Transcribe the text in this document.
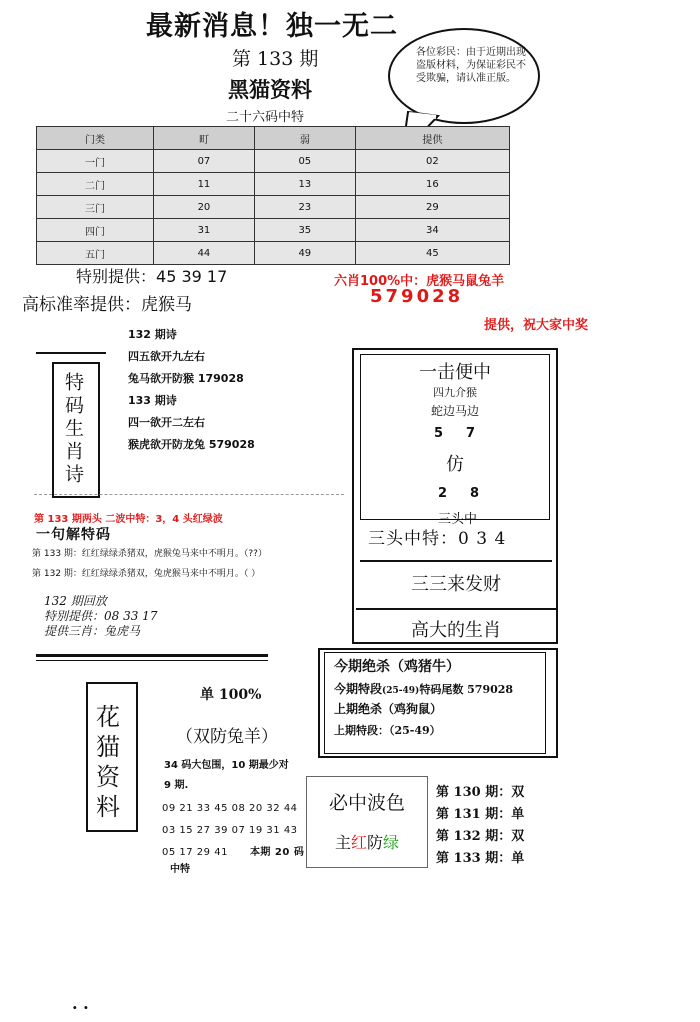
最新消息！独一无二
第 133 期
黑猫资料
二十六码中特
各位彩民：由于近期出现盗版材料，为保证彩民不受欺骗，请认准正版。
门类	町	弱	提供
一门	07	05	02
二门	11	13	16
三门	20	23	29
四门	31	35	34
五门	44	49	45
特别提供：45 39 17
高标准率提供：虎猴马
六肖100%中：虎猴马鼠兔羊
579028
提供，祝大家中奖
特码生肖诗
132 期诗
四五欲开九左右
兔马欲开防猴 179028
133 期诗
四一欲开二左右
猴虎欲开防龙兔 579028
一击便中
四九介猴
蛇边马边
5 7
仿
2 8
三头中
三头中特：0 3 4
三三来发财
高大的生肖
第 133 期两头 二波中特：3，4 头红绿波
一句解特码
第 133 期：红红绿绿杀猪双，虎猴兔马来中不明月。（??）
第 132 期：红红绿绿杀猪双，兔虎猴马来中不明月。（ ）
132 期回放
特别提供：08 33 17
提供三肖：兔虎马
今期绝杀（鸡猪牛）
今期特段(25-49)特码尾数 579028
上期绝杀（鸡狗鼠）
上期特段：（25-49）
花猫资料
单 100%
（双防兔羊）
34 码大包围，10 期最少对
9 期.
09 21 33 45 08 20 32 44
03 15 27 39 07 19 31 43
05 17 29 41 本期 20 码
中特
必中波色
主红防绿
第 130 期：双
第 131 期：单
第 132 期：双
第 133 期：单
. .
